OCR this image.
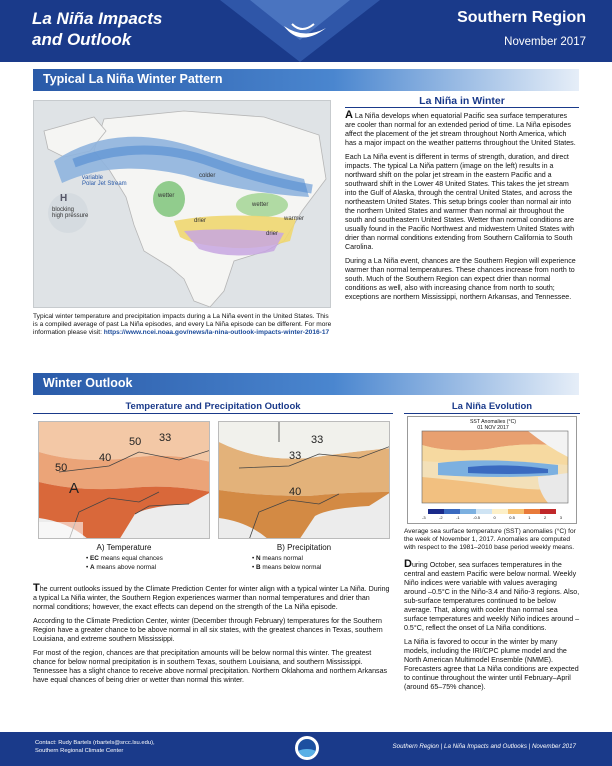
La Niña Impacts
and Outlook
Southern Region
November 2017
Typical La Niña Winter Pattern
variable
Polar Jet Stream
H
blocking
high pressure
colder
wetter
wetter
warmer
drier
drier
Typical winter temperature and precipitation impacts during a La Niña event in the United States. This is a compiled average of past La Niña episodes, and every La Niña episode can be different. For more information please visit: https://www.ncei.noaa.gov/news/la-nina-outlook-impacts-winter-2016-17
La Niña in Winter

A La Niña develops when equatorial Pacific sea surface temperatures are cooler than normal for an extended period of time. La Niña episodes affect the placement of the jet stream throughout North America, which has a major impact on the weather patterns throughout the United States.

Each La Niña event is different in terms of strength, duration, and direct impacts. The typical La Niña pattern (image on the left) results in a northward shift on the polar jet stream in the eastern Pacific and a southward shift in the Lower 48 United States. This takes the jet stream into the Gulf of Alaska, through the central United States, and across the northeastern United States. This setup brings cooler than normal air into the northern United States and warmer than normal air throughout the south and southeastern United States. Wetter than normal conditions are usually found in the Pacific Northwest and midwestern United States with drier than normal conditions extending from Southern California to South Carolina.

During a La Niña event, chances are the Southern Region will experience warmer than normal temperatures. These chances increase from north to south. Much of the Southern Region can expect drier than normal conditions as well, also with increasing chance from north to south; exceptions are northern Mississippi, northern Arkansas, and Tennessee.

Winter Outlook
Temperature and Precipitation Outlook	La Niña Evolution
50
40
33
50
A
A) Temperature
• EC means equal chances
• A means above normal
33
33
40
B) Precipitation
• N means normal
• B means below normal
SST Anomalies (°C)
01 NOV 2017
-3	-2	-1	-0.5	0	0.5	1	2	3
Average sea surface temperature (SST) anomalies (°C) for the week of November 1, 2017. Anomalies are computed with respect to the 1981–2010 base period weekly means.

The current outlooks issued by the Climate Prediction Center for winter align with a typical winter La Niña. During a typical La Niña winter, the Southern Region experiences warmer than normal temperatures and drier than normal conditions; however, the exact effects can depend on the strength of the La Niña episode.

According to the Climate Prediction Center, winter (December through February) temperatures for the Southern Region have a greater chance to be above normal in all six states, with the greatest chances in Texas, southern Louisiana, and extreme southern Mississippi.

For most of the region, chances are that precipitation amounts will be below normal this winter. The greatest chance for below normal precipitation is in southern Texas, southern Louisiana, and southern Mississippi. Tennessee has a slight chance to receive above normal precipitation. Northern Oklahoma and northern Arkansas have equal chances of being drier or wetter than normal this winter.

During October, sea surfaces temperatures in the central and eastern Pacific were below normal. Weekly Niño indices were variable with values averaging around –0.5°C in the Niño-3.4 and Niño-3 regions. Also, sub-surface temperatures continued to be below average. That, along with cooler than normal sea surface temperatures and weekly Niño indices around –0.5°C, reflect the onset of La Niña conditions.

La Niña is favored to occur in the winter by many models, including the IRI/CPC plume model and the North American Multimodel Ensemble (NMME). Forecasters agree that La Niña conditions are expected to continue throughout the winter until February–April (around 65–75% chance).

Contact: Rudy Bartels (rbartels@srcc.lsu.edu),
Southern Regional Climate Center
Southern Region | La Niña Impacts and Outlooks | November 2017
